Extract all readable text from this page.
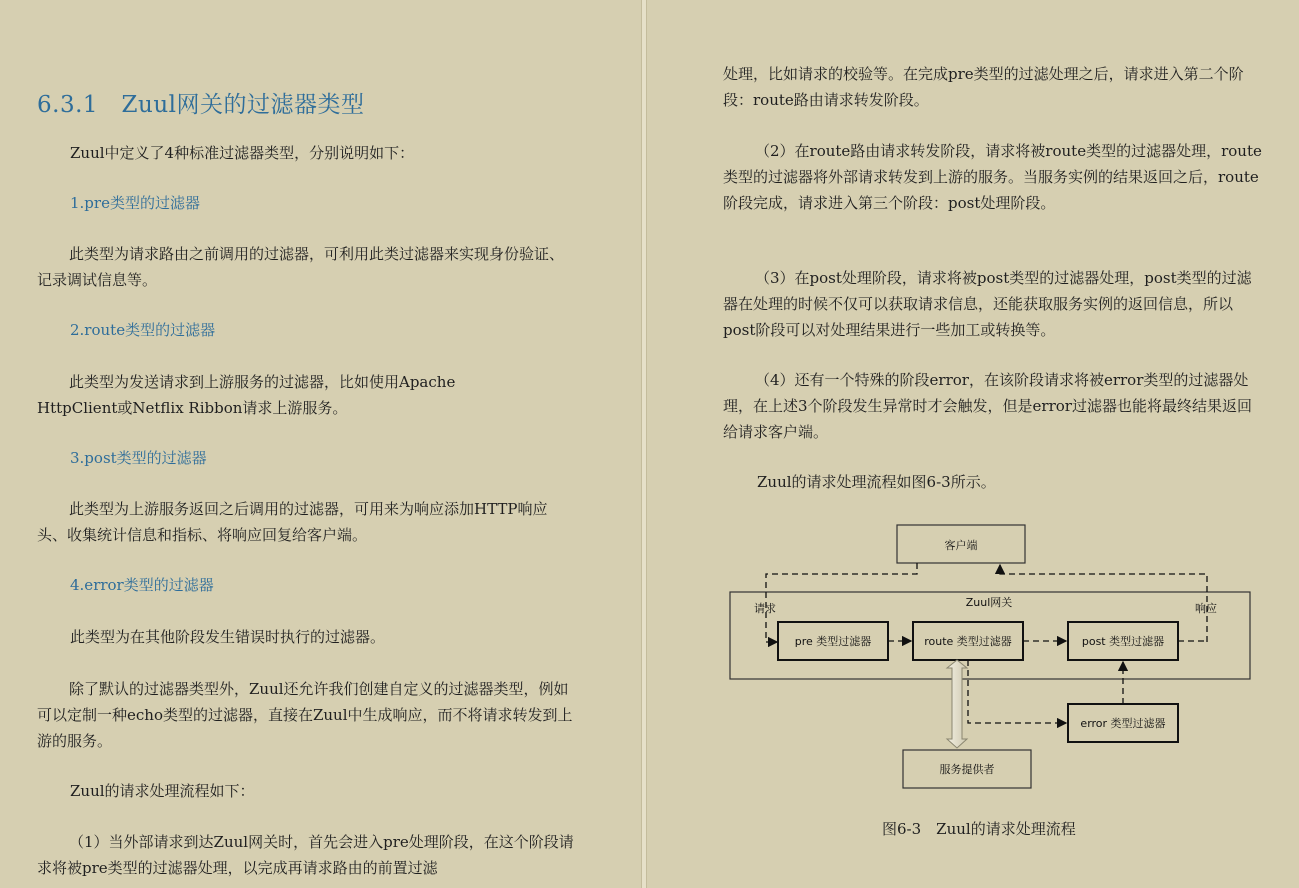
6.3.1　Zuul网关的过滤器类型
Zuul中定义了4种标准过滤器类型，分别说明如下：
1.pre类型的过滤器
此类型为请求路由之前调用的过滤器，可利用此类过滤器来实现身份验证、记录调试信息等。
2.route类型的过滤器
此类型为发送请求到上游服务的过滤器，比如使用Apache HttpClient或Netflix Ribbon请求上游服务。
3.post类型的过滤器
此类型为上游服务返回之后调用的过滤器，可用来为响应添加HTTP响应头、收集统计信息和指标、将响应回复给客户端。
4.error类型的过滤器
此类型为在其他阶段发生错误时执行的过滤器。
除了默认的过滤器类型外，Zuul还允许我们创建自定义的过滤器类型，例如可以定制一种echo类型的过滤器，直接在Zuul中生成响应，而不将请求转发到上游的服务。
Zuul的请求处理流程如下：
（1）当外部请求到达Zuul网关时，首先会进入pre处理阶段，在这个阶段请求将被pre类型的过滤器处理，以完成再请求路由的前置过滤
处理，比如请求的校验等。在完成pre类型的过滤处理之后，请求进入第二个阶段：route路由请求转发阶段。
（2）在route路由请求转发阶段，请求将被route类型的过滤器处理，route类型的过滤器将外部请求转发到上游的服务。当服务实例的结果返回之后，route阶段完成，请求进入第三个阶段：post处理阶段。
（3）在post处理阶段，请求将被post类型的过滤器处理，post类型的过滤器在处理的时候不仅可以获取请求信息，还能获取服务实例的返回信息，所以post阶段可以对处理结果进行一些加工或转换等。
（4）还有一个特殊的阶段error，在该阶段请求将被error类型的过滤器处理，在上述3个阶段发生异常时才会触发，但是error过滤器也能将最终结果返回给请求客户端。
Zuul的请求处理流程如图6-3所示。
客户端
Zuul网关
请求	响应
pre 类型过滤器	route 类型过滤器	post 类型过滤器
error 类型过滤器
服务提供者
图6-3　Zuul的请求处理流程
